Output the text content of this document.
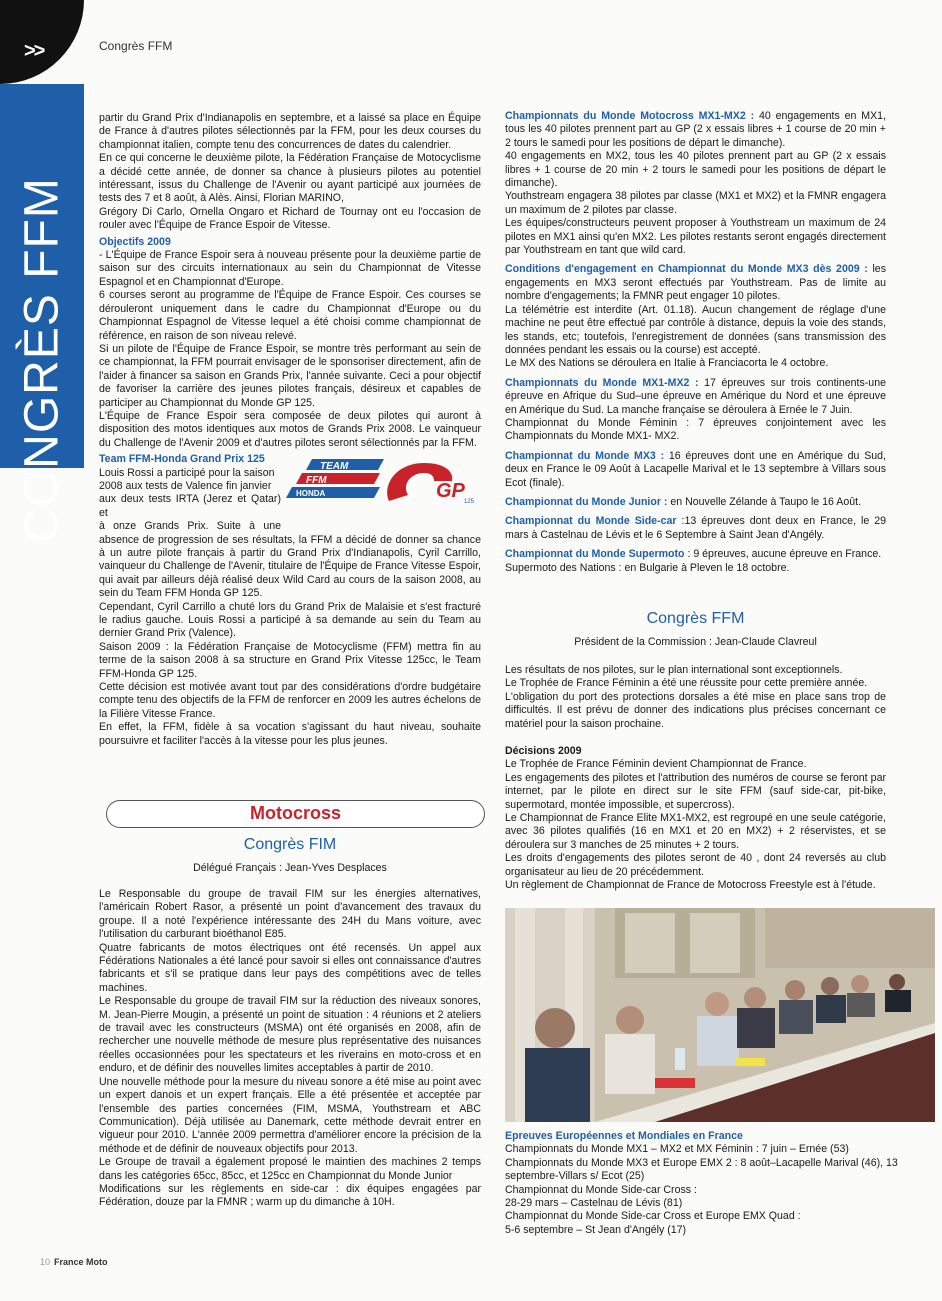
>>	Congrès FFM
CONGRÈS FFM

partir du Grand Prix d'Indianapolis en septembre, et a laissé sa place en Équipe de France à d'autres pilotes sélectionnés par la FFM, pour les deux courses du championnat italien, compte tenu des concurrences de dates du calendrier.

En ce qui concerne le deuxième pilote, la Fédération Française de Motocyclisme a décidé cette année, de donner sa chance à plusieurs pilotes au potentiel intéressant, issus du Challenge de l'Avenir ou ayant participé aux journées de tests des 7 et 8 août, à Alès. Ainsi, Florian MARINO,

Grégory Di Carlo, Ornella Ongaro et Richard de Tournay ont eu l'occasion de rouler avec l'Équipe de France Espoir de Vitesse.

Objectifs 2009

- L'Équipe de France Espoir sera à nouveau présente pour la deuxième partie de saison sur des circuits internationaux au sein du Championnat de Vitesse Espagnol et en Championnat d'Europe.

6 courses seront au programme de l'Équipe de France Espoir. Ces courses se dérouleront uniquement dans le cadre du Championnat d'Europe ou du Championnat Espagnol de Vitesse lequel a été choisi comme championnat de référence, en raison de son niveau relevé.

Si un pilote de l'Équipe de France Espoir, se montre très performant au sein de ce championnat, la FFM pourrait envisager de le sponsoriser directement, afin de l'aider à financer sa saison en Grands Prix, l'année suivante. Ceci a pour objectif de favoriser la carrière des jeunes pilotes français, désireux et capables de participer au Championnat du Monde GP 125.

L'Équipe de France Espoir sera composée de deux pilotes qui auront à disposition des motos identiques aux motos de Grands Prix 2008. Le vainqueur du Challenge de l'Avenir 2009 et d'autres pilotes seront sélectionnés par la FFM.

Team FFM-Honda Grand Prix 125

Louis Rossi a participé pour la saison

2008 aux tests de Valence fin janvier

aux deux tests IRTA (Jerez et Qatar) et

à onze Grands Prix. Suite à une

absence de progression de ses résultats, la FFM a décidé de donner sa chance à un autre pilote français à partir du Grand Prix d'Indianapolis, Cyril Carrillo, vainqueur du Challenge de l'Avenir, titulaire de l'Équipe de France Vitesse Espoir, qui avait par ailleurs déjà réalisé deux Wild Card au cours de la saison 2008, au sein du Team FFM Honda GP 125.

TEAM
FFM
HONDA	GP 125

Cependant, Cyril Carrillo a chuté lors du Grand Prix de Malaisie et s'est fracturé le radius gauche. Louis Rossi a participé à sa demande au sein du Team au dernier Grand Prix (Valence).

Saison 2009 : la Fédération Française de Motocyclisme (FFM) mettra fin au terme de la saison 2008 à sa structure en Grand Prix Vitesse 125cc, le Team FFM-Honda GP 125.

Cette décision est motivée avant tout par des considérations d'ordre budgétaire compte tenu des objectifs de la FFM de renforcer en 2009 les autres échelons de la Filière Vitesse France.

En effet, la FFM, fidèle à sa vocation s'agissant du haut niveau, souhaite poursuivre et faciliter l'accès à la vitesse pour les plus jeunes.

Motocross
Congrès FIM
Délégué Français : Jean-Yves Desplaces

Le Responsable du groupe de travail FIM sur les énergies alternatives, l'américain Robert Rasor, a présenté un point d'avancement des travaux du groupe. Il a noté l'expérience intéressante des 24H du Mans voiture, avec l'utilisation du carburant bioéthanol E85.

Quatre fabricants de motos électriques ont été recensés. Un appel aux Fédérations Nationales a été lancé pour savoir si elles ont connaissance d'autres fabricants et s'il se pratique dans leur pays des compétitions avec de telles machines.

Le Responsable du groupe de travail FIM sur la réduction des niveaux sonores, M. Jean-Pierre Mougin, a présenté un point de situation : 4 réunions et 2 ateliers de travail avec les constructeurs (MSMA) ont été organisés en 2008, afin de rechercher une nouvelle méthode de mesure plus représentative des nuisances réelles occasionnées pour les spectateurs et les riverains en moto-cross et en enduro, et de définir des nouvelles limites acceptables à partir de 2010.

Une nouvelle méthode pour la mesure du niveau sonore a été mise au point avec un expert danois et un expert français. Elle a été présentée et acceptée par l'ensemble des parties concernées (FIM, MSMA, Youthstream et ABC Communication). Déjà utilisée au Danemark, cette méthode devrait entrer en vigueur pour 2010. L'année 2009 permettra d'améliorer encore la précision de la méthode et de définir de nouveaux objectifs pour 2013.

Le Groupe de travail a également proposé le maintien des machines 2 temps dans les catégories 65cc, 85cc, et 125cc en Championnat du Monde Junior

Modifications sur les règlements en side-car : dix équipes engagées par Fédération, douze par la FMNR ; warm up du dimanche à 10H.

Championnats du Monde Motocross MX1-MX2 : 40 engagements en MX1, tous les 40 pilotes prennent part au GP (2 x essais libres + 1 course de 20 min + 2 tours le samedi pour les positions de départ le dimanche).

40 engagements en MX2, tous les 40 pilotes prennent part au GP (2 x essais libres + 1 course de 20 min + 2 tours le samedi pour les positions de départ le dimanche).

Youthstream engagera 38 pilotes par classe (MX1 et MX2) et la FMNR engagera un maximum de 2 pilotes par classe.

Les équipes/constructeurs peuvent proposer à Youthstream un maximum de 24 pilotes en MX1 ainsi qu'en MX2. Les pilotes restants seront engagés directement par Youthstream en tant que wild card.

Conditions d'engagement en Championnat du Monde MX3 dès 2009 : les engagements en MX3 seront effectués par Youthstream. Pas de limite au nombre d'engagements; la FMNR peut engager 10 pilotes.

La télémétrie est interdite (Art. 01.18). Aucun changement de réglage d'une machine ne peut être effectué par contrôle à distance, depuis la voie des stands, les stands, etc; toutefois, l'enregistrement de données (sans transmission des données pendant les essais ou la course) est accepté.

Le MX des Nations se déroulera en Italie à Franciacorta le 4 octobre.

Championnats du Monde MX1-MX2 : 17 épreuves sur trois continents-une épreuve en Afrique du Sud–une épreuve en Amérique du Nord et une épreuve en Amérique du Sud. La manche française se déroulera à Ernée le 7 Juin.

Championnat du Monde Féminin : 7 épreuves conjointement avec les Championnats du Monde MX1- MX2.

Championnat du Monde MX3 : 16 épreuves dont une en Amérique du Sud, deux en France le 09 Août à Lacapelle Marival et le 13 septembre à Villars sous Ecot (finale).

Championnat du Monde Junior : en Nouvelle Zélande à Taupo le 16 Août.

Championnat du Monde Side-car :13 épreuves dont deux en France, le 29 mars à Castelnau de Lévis et le 6 Septembre à Saint Jean d'Angély.

Championnat du Monde Supermoto : 9 épreuves, aucune épreuve en France.

Supermoto des Nations : en Bulgarie à Pleven le 18 octobre.

Congrès FFM
Président de la Commission : Jean-Claude Clavreul

Les résultats de nos pilotes, sur le plan international sont exceptionnels.

Le Trophée de France Féminin a été une réussite pour cette première année.

L'obligation du port des protections dorsales a été mise en place sans trop de difficultés. Il est prévu de donner des indications plus précises concernant ce matériel pour la saison prochaine.

Décisions 2009

Le Trophée de France Féminin devient Championnat de France.

Les engagements des pilotes et l'attribution des numéros de course se feront par internet, par le pilote en direct sur le site FFM (sauf side-car, pit-bike, supermotard, montée impossible, et supercross).

Le Championnat de France Elite MX1-MX2, est regroupé en une seule catégorie, avec 36 pilotes qualifiés (16 en MX1 et 20 en MX2) + 2 réservistes, et se déroulera sur 3 manches de 25 minutes + 2 tours.

Les droits d'engagements des pilotes seront de 40 , dont 24 reversés au club organisateur au lieu de 20 précédemment.

Un règlement de Championnat de France de Motocross Freestyle est à l'étude.

Epreuves Européennes et Mondiales en France

Championnats du Monde MX1 – MX2 et MX Féminin : 7 juin – Ernée (53)

Championnats du Monde MX3 et Europe EMX 2 : 8 août–Lacapelle Marival (46), 13 septembre-Villars s/ Ecot (25)

Championnat du Monde Side-car Cross :

28-29 mars – Castelnau de Lévis (81)

Championnat du Monde Side-car Cross et Europe EMX Quad :

5-6 septembre – St Jean d'Angély (17)

10 France Moto
